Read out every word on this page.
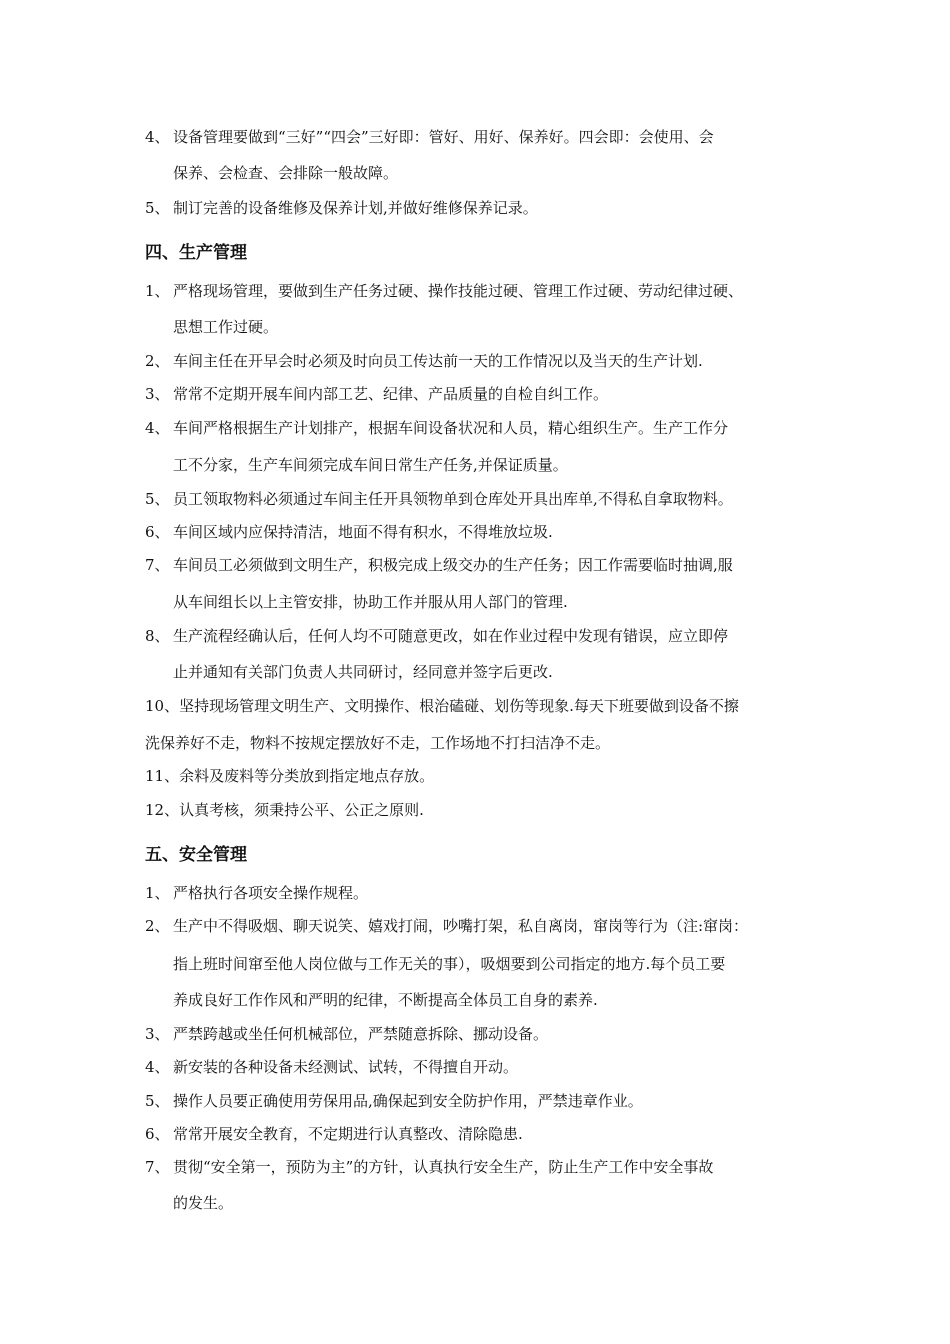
4、 设备管理要做到“三好”“四会”三好即：管好、用好、保养好。四会即：会使用、会
保养、会检查、会排除一般故障。
5、 制订完善的设备维修及保养计划,并做好维修保养记录。
四、生产管理
1、 严格现场管理，要做到生产任务过硬、操作技能过硬、管理工作过硬、劳动纪律过硬、
思想工作过硬。
2、 车间主任在开早会时必须及时向员工传达前一天的工作情况以及当天的生产计划.
3、 常常不定期开展车间内部工艺、纪律、产品质量的自检自纠工作。
4、 车间严格根据生产计划排产，根据车间设备状况和人员，精心组织生产。生产工作分
工不分家，生产车间须完成车间日常生产任务,并保证质量。
5、 员工领取物料必须通过车间主任开具领物单到仓库处开具出库单,不得私自拿取物料。
6、 车间区域内应保持清洁，地面不得有积水，不得堆放垃圾.
7、 车间员工必须做到文明生产，积极完成上级交办的生产任务；因工作需要临时抽调,服
从车间组长以上主管安排，协助工作并服从用人部门的管理.
8、 生产流程经确认后，任何人均不可随意更改，如在作业过程中发现有错误，应立即停
止并通知有关部门负责人共同研讨，经同意并签字后更改.
10、坚持现场管理文明生产、文明操作、根治磕碰、划伤等现象.每天下班要做到设备不擦
洗保养好不走，物料不按规定摆放好不走，工作场地不打扫洁净不走。
11、余料及废料等分类放到指定地点存放。
12、认真考核，须秉持公平、公正之原则.
五、安全管理
1、 严格执行各项安全操作规程。
2、 生产中不得吸烟、聊天说笑、嬉戏打闹，吵嘴打架，私自离岗，窜岗等行为（注:窜岗：
指上班时间窜至他人岗位做与工作无关的事），吸烟要到公司指定的地方.每个员工要
养成良好工作作风和严明的纪律，不断提高全体员工自身的素养.
3、 严禁跨越或坐任何机械部位，严禁随意拆除、挪动设备。
4、 新安装的各种设备未经测试、试转，不得擅自开动。
5、 操作人员要正确使用劳保用品,确保起到安全防护作用，严禁违章作业。
6、 常常开展安全教育，不定期进行认真整改、清除隐患.
7、 贯彻“安全第一，预防为主”的方针，认真执行安全生产，防止生产工作中安全事故
的发生。
